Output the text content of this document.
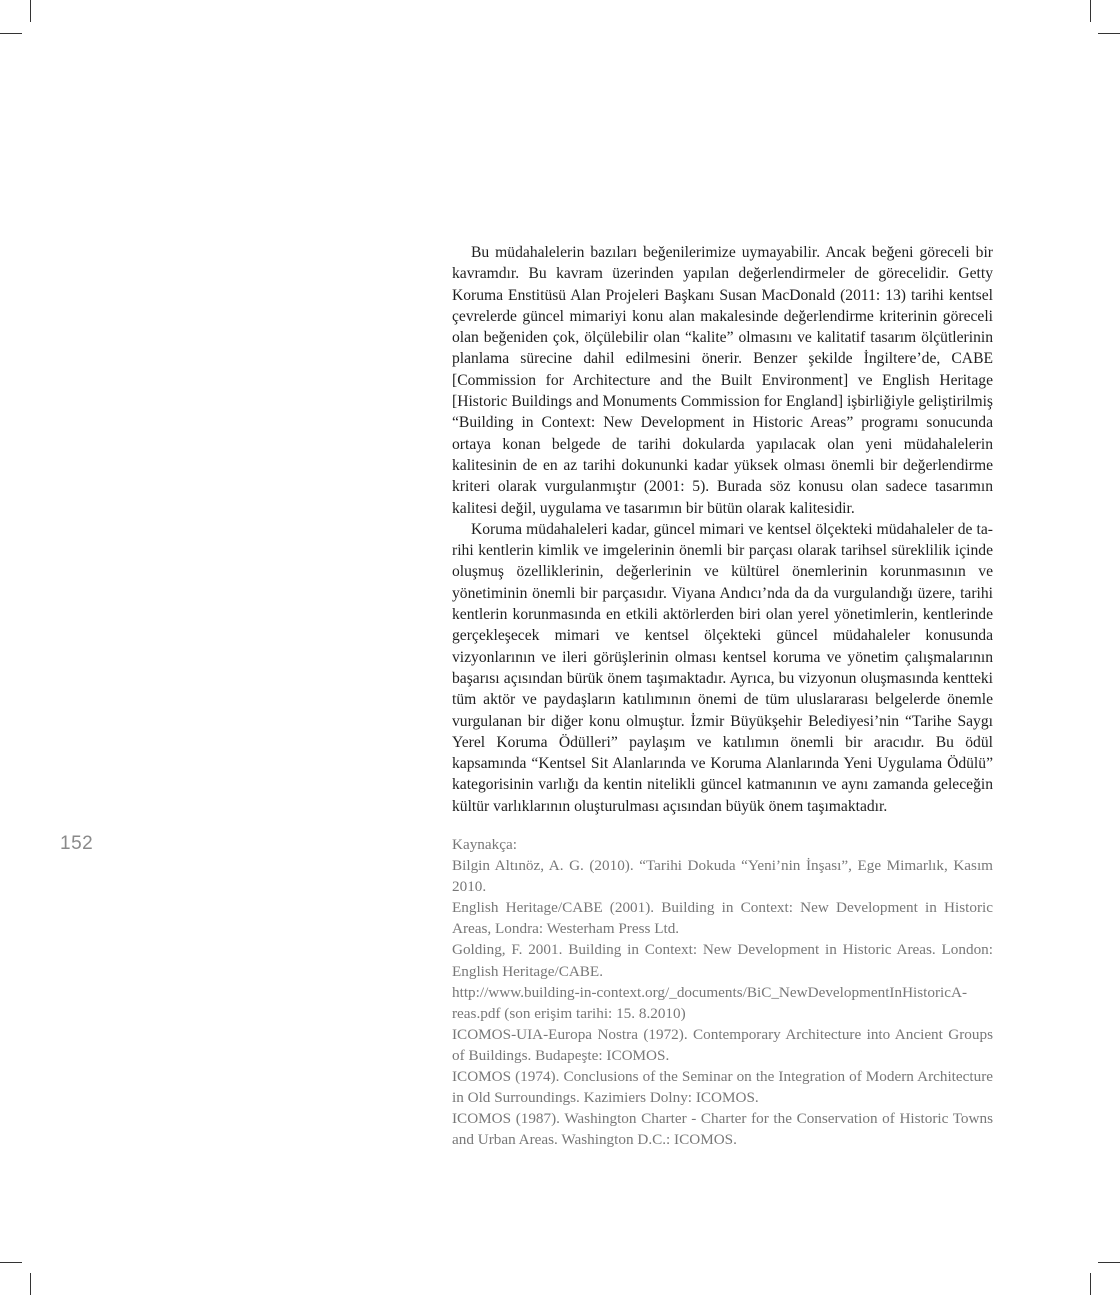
Bu müdahalelerin bazıları beğenilerimize uymayabilir. Ancak beğeni göreceli bir kavramdır. Bu kavram üzerinden yapılan değerlendirmeler de görecelidir. Getty Koruma Enstitüsü Alan Projeleri Başkanı Susan MacDonald (2011: 13) tarihi kentsel çevrelerde güncel mimariyi konu alan makalesinde değerlendirme kriterinin göreceli olan beğeniden çok, ölçülebilir olan “kalite” olmasını ve kalitatif tasarım ölçütlerinin planlama sürecine dahil edilmesini önerir. Benzer şekilde İngiltere’de, CABE [Commission for Architecture and the Built Environment] ve English Heritage [Historic Buildings and Monuments Commission for England] işbirliğiyle geliştirilmiş “Building in Context: New Development in Historic Areas” programı sonucunda ortaya konan belgede de tarihi dokularda yapılacak olan yeni müdahalelerin kalitesinin de en az tarihi dokununki kadar yüksek olması önemli bir değerlendirme kriteri olarak vurgulanmıştır (2001: 5). Burada söz konusu olan sadece tasarımın kalitesi değil, uygulama ve tasarımın bir bütün olarak kalitesidir.

Koruma müdahaleleri kadar, güncel mimari ve kentsel ölçekteki müdahaleler de tarihi kentlerin kimlik ve imgelerinin önemli bir parçası olarak tarihsel süreklilik içinde oluşmuş özelliklerinin, değerlerinin ve kültürel önemlerinin korunmasının ve yönetiminin önemli bir parçasıdır. Viyana Andıcı’nda da da vurgulandığı üzere, tarihi kentlerin korunmasında en etkili aktörlerden biri olan yerel yönetimlerin, kentlerinde gerçekleşecek mimari ve kentsel ölçekteki güncel müdahaleler konusunda vizyonlarının ve ileri görüşlerinin olması kentsel koruma ve yönetim çalışmalarının başarısı açısından bürük önem taşımaktadır. Ayrıca, bu vizyonun oluşmasında kentteki tüm aktör ve paydaşların katılımının önemi de tüm uluslararası belgelerde önemle vurgulanan bir diğer konu olmuştur. İzmir Büyükşehir Belediyesi’nin “Tarihe Saygı Yerel Koruma Ödülleri” paylaşım ve katılımın önemli bir aracıdır. Bu ödül kapsamında “Kentsel Sit Alanlarında ve Koruma Alanlarında Yeni Uygulama Ödülü” kategorisinin varlığı da kentin nitelikli güncel katmanının ve aynı zamanda geleceğin kültür varlıklarının oluşturulması açısından büyük önem taşımaktadır.

152	Kaynakça:

Bilgin Altınöz, A. G. (2010). “Tarihi Dokuda “Yeni’nin İnşası”, Ege Mimarlık, Kasım 2010.

English Heritage/CABE (2001). Building in Context: New Development in Historic Areas, Londra: Westerham Press Ltd.

Golding, F. 2001. Building in Context: New Development in Historic Areas. London: English Heritage/CABE.

http://www.building-in-context.org/_documents/BiC_NewDevelopmentInHistoricAreas.pdf (son erişim tarihi: 15. 8.2010)

ICOMOS-UIA-Europa Nostra (1972). Contemporary Architecture into Ancient Groups of Buildings. Budapeşte: ICOMOS.

ICOMOS (1974). Conclusions of the Seminar on the Integration of Modern Architecture in Old Surroundings. Kazimiers Dolny: ICOMOS.

ICOMOS (1987). Washington Charter - Charter for the Conservation of Historic Towns and Urban Areas. Washington D.C.: ICOMOS.
